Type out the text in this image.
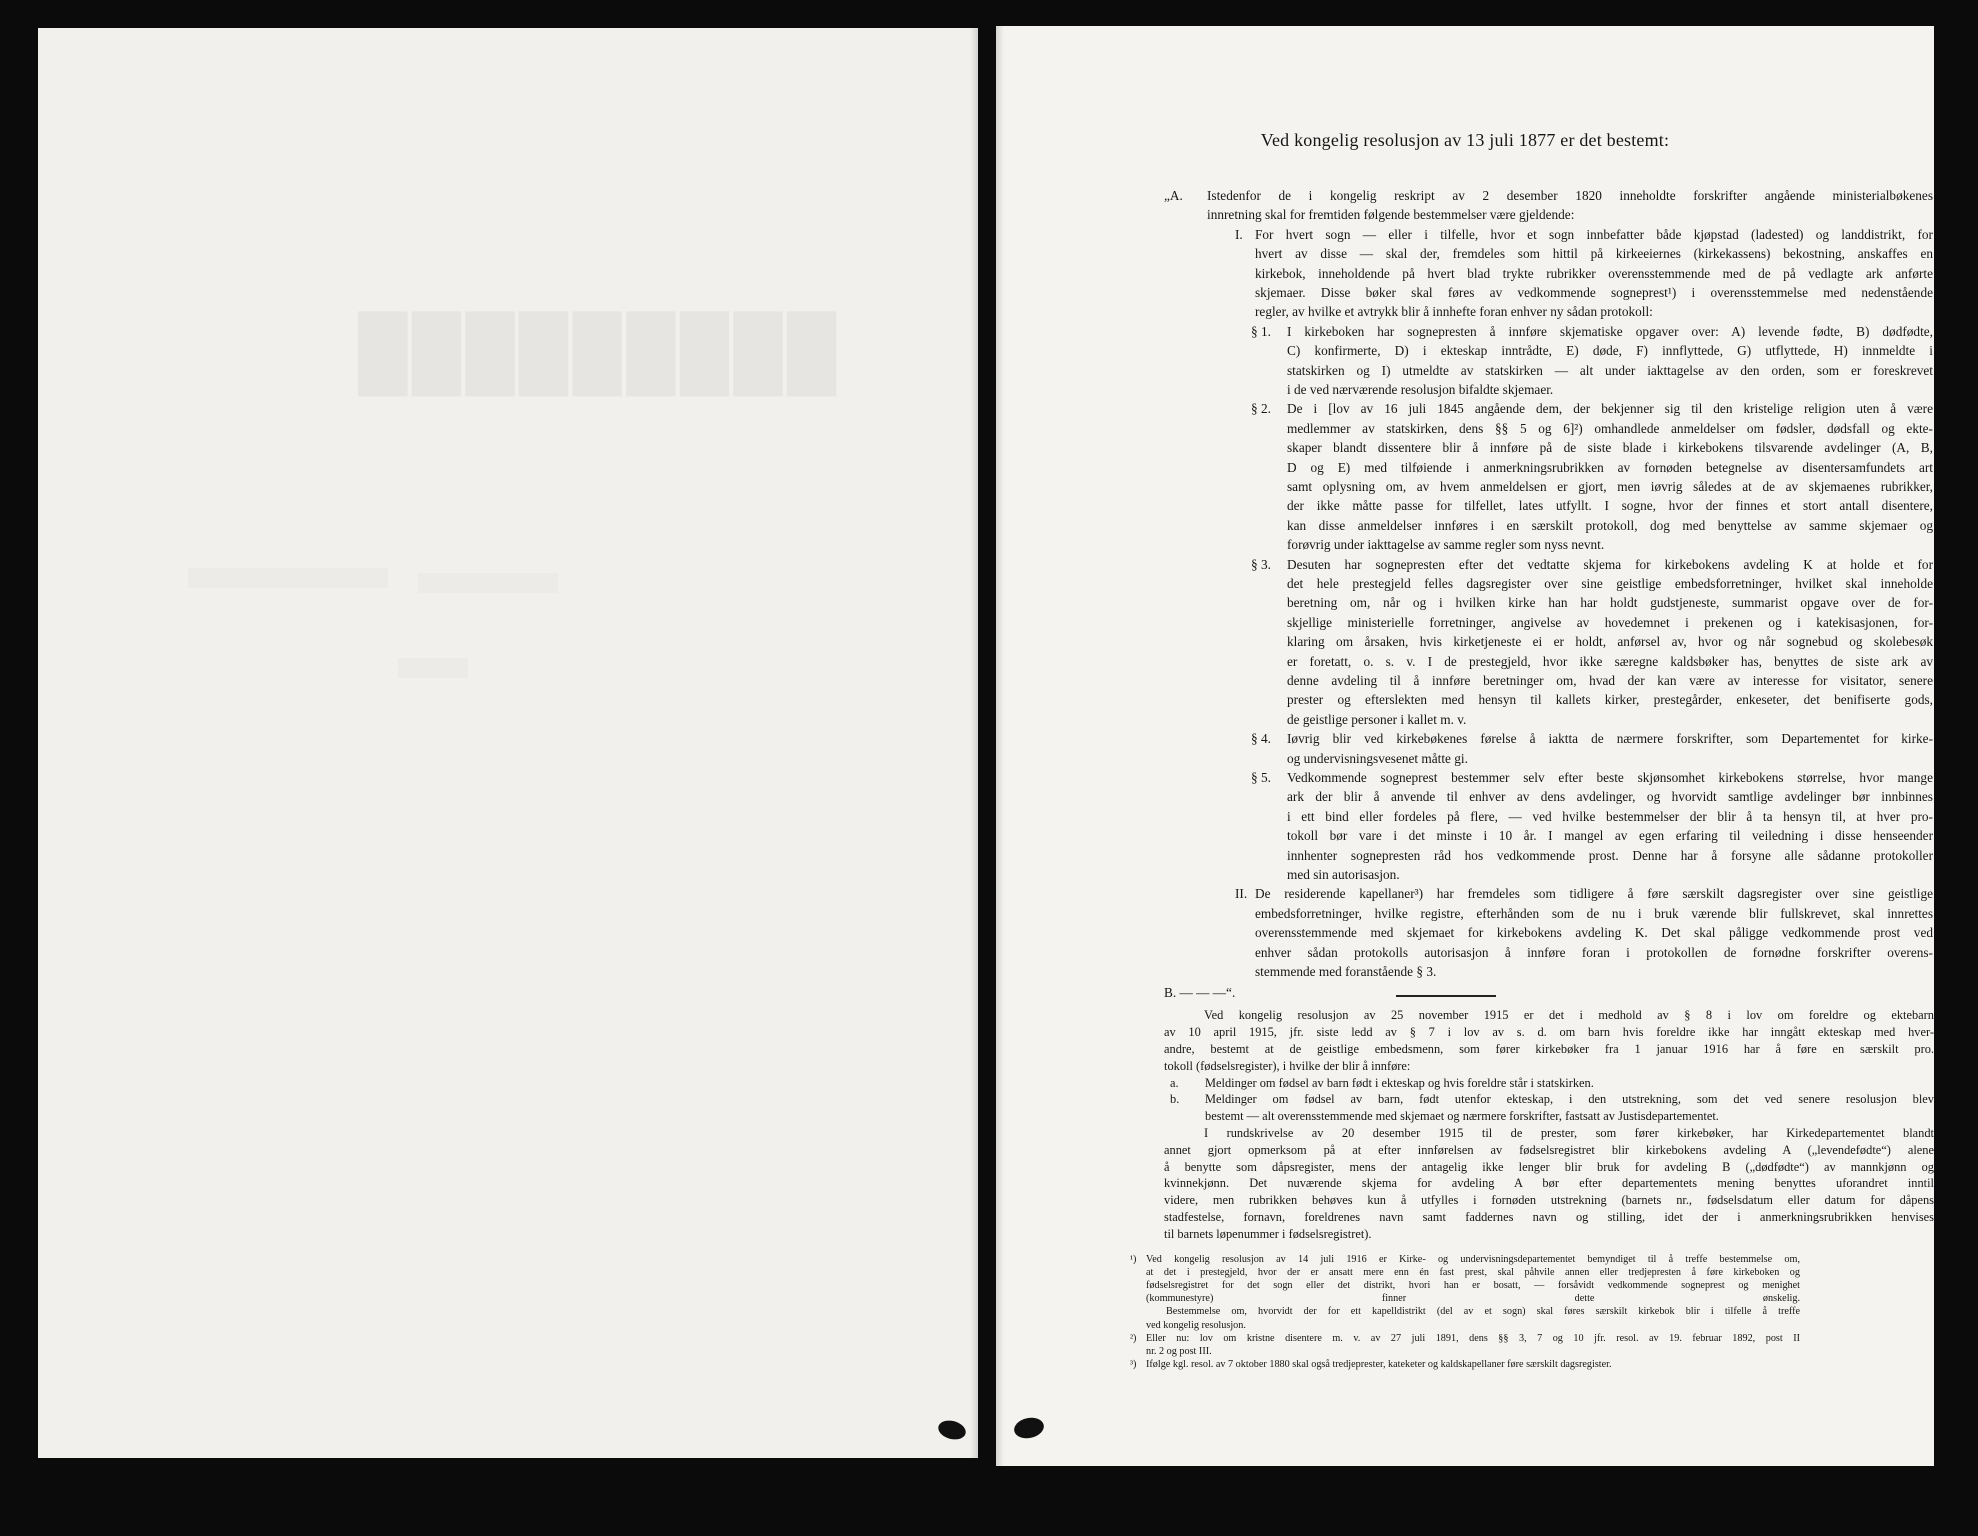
█████████
Ved kongelig resolusjon av 13 juli 1877 er det bestemt:
„A. Istedenfor de i kongelig reskript av 2 desember 1820 inneholdte forskrifter angående ministerialbøkenes
innretning skal for fremtiden følgende bestemmelser være gjeldende:
I. For hvert sogn — eller i tilfelle, hvor et sogn innbefatter både kjøpstad (ladested) og landdistrikt, for
hvert av disse — skal der, fremdeles som hittil på kirkeeiernes (kirkekassens) bekostning, anskaffes en
kirkebok, inneholdende på hvert blad trykte rubrikker overensstemmende med de på vedlagte ark anførte
skjemaer. Disse bøker skal føres av vedkommende sogneprest¹) i overensstemmelse med nedenstående
regler, av hvilke et avtrykk blir å innhefte foran enhver ny sådan protokoll:
§ 1. I kirkeboken har sognepresten å innføre skjematiske opgaver over: A) levende fødte, B) dødfødte,
C) konfirmerte, D) i ekteskap inntrådte, E) døde, F) innflyttede, G) utflyttede, H) innmeldte i
statskirken og I) utmeldte av statskirken — alt under iakttagelse av den orden, som er foreskrevet
i de ved nærværende resolusjon bifaldte skjemaer.
§ 2. De i [lov av 16 juli 1845 angående dem, der bekjenner sig til den kristelige religion uten å være
medlemmer av statskirken, dens §§ 5 og 6]²) omhandlede anmeldelser om fødsler, dødsfall og ekte-
skaper blandt dissentere blir å innføre på de siste blade i kirkebokens tilsvarende avdelinger (A, B,
D og E) med tilføiende i anmerkningsrubrikken av fornøden betegnelse av disentersamfundets art
samt oplysning om, av hvem anmeldelsen er gjort, men iøvrig således at de av skjemaenes rubrikker,
der ikke måtte passe for tilfellet, lates utfyllt. I sogne, hvor der finnes et stort antall disentere,
kan disse anmeldelser innføres i en særskilt protokoll, dog med benyttelse av samme skjemaer og
forøvrig under iakttagelse av samme regler som nyss nevnt.
§ 3. Desuten har sognepresten efter det vedtatte skjema for kirkebokens avdeling K at holde et for
det hele prestegjeld felles dagsregister over sine geistlige embedsforretninger, hvilket skal inneholde
beretning om, når og i hvilken kirke han har holdt gudstjeneste, summarist opgave over de for-
skjellige ministerielle forretninger, angivelse av hovedemnet i prekenen og i katekisasjonen, for-
klaring om årsaken, hvis kirketjeneste ei er holdt, anførsel av, hvor og når sognebud og skolebesøk
er foretatt, o. s. v. I de prestegjeld, hvor ikke særegne kaldsbøker has, benyttes de siste ark av
denne avdeling til å innføre beretninger om, hvad der kan være av interesse for visitator, senere
prester og efterslekten med hensyn til kallets kirker, prestegårder, enkeseter, det benifiserte gods,
de geistlige personer i kallet m. v.
§ 4. Iøvrig blir ved kirkebøkenes førelse å iaktta de nærmere forskrifter, som Departementet for kirke-
og undervisningsvesenet måtte gi.
§ 5. Vedkommende sogneprest bestemmer selv efter beste skjønsomhet kirkebokens størrelse, hvor mange
ark der blir å anvende til enhver av dens avdelinger, og hvorvidt samtlige avdelinger bør innbinnes
i ett bind eller fordeles på flere, — ved hvilke bestemmelser der blir å ta hensyn til, at hver pro-
tokoll bør vare i det minste i 10 år. I mangel av egen erfaring til veiledning i disse henseender
innhenter sognepresten råd hos vedkommende prost. Denne har å forsyne alle sådanne protokoller
med sin autorisasjon.
II. De residerende kapellaner³) har fremdeles som tidligere å føre særskilt dagsregister over sine geistlige
embedsforretninger, hvilke registre, efterhånden som de nu i bruk værende blir fullskrevet, skal innrettes
overensstemmende med skjemaet for kirkebokens avdeling K. Det skal påligge vedkommende prost ved
enhver sådan protokolls autorisasjon å innføre foran i protokollen de fornødne forskrifter overens-
stemmende med foranstående § 3.
B. — — —“.
Ved kongelig resolusjon av 25 november 1915 er det i medhold av § 8 i lov om foreldre og ektebarn
av 10 april 1915, jfr. siste ledd av § 7 i lov av s. d. om barn hvis foreldre ikke har inngått ekteskap med hver-
andre, bestemt at de geistlige embedsmenn, som fører kirkebøker fra 1 januar 1916 har å føre en særskilt pro.
tokoll (fødselsregister), i hvilke der blir å innføre:
a. Meldinger om fødsel av barn født i ekteskap og hvis foreldre står i statskirken.
b. Meldinger om fødsel av barn, født utenfor ekteskap, i den utstrekning, som det ved senere resolusjon blev
bestemt — alt overensstemmende med skjemaet og nærmere forskrifter, fastsatt av Justisdepartementet.
I rundskrivelse av 20 desember 1915 til de prester, som fører kirkebøker, har Kirkedepartementet blandt
annet gjort opmerksom på at efter innførelsen av fødselsregistret blir kirkebokens avdeling A („levendefødte“) alene
å benytte som dåpsregister, mens der antagelig ikke lenger blir bruk for avdeling B („dødfødte“) av mannkjønn og
kvinnekjønn. Det nuværende skjema for avdeling A bør efter departementets mening benyttes uforandret inntil
videre, men rubrikken behøves kun å utfylles i fornøden utstrekning (barnets nr., fødselsdatum eller datum for dåpens
stadfestelse, fornavn, foreldrenes navn samt faddernes navn og stilling, idet der i anmerkningsrubrikken henvises
til barnets løpenummer i fødselsregistret).
¹) Ved kongelig resolusjon av 14 juli 1916 er Kirke- og undervisningsdepartementet bemyndiget til å treffe bestemmelse om,
at det i prestegjeld, hvor der er ansatt mere enn én fast prest, skal påhvile annen eller tredjepresten å føre kirkeboken og
fødselsregistret for det sogn eller det distrikt, hvori han er bosatt, — forsåvidt vedkommende sogneprest og menighet
(kommunestyre) finner dette ønskelig.
Bestemmelse om, hvorvidt der for ett kapelldistrikt (del av et sogn) skal føres særskilt kirkebok blir i tilfelle å treffe
ved kongelig resolusjon.
²) Eller nu: lov om kristne disentere m. v. av 27 juli 1891, dens §§ 3, 7 og 10 jfr. resol. av 19. februar 1892, post II
nr. 2 og post III.
³) Ifølge kgl. resol. av 7 oktober 1880 skal også tredjeprester, kateketer og kaldskapellaner føre særskilt dagsregister.
